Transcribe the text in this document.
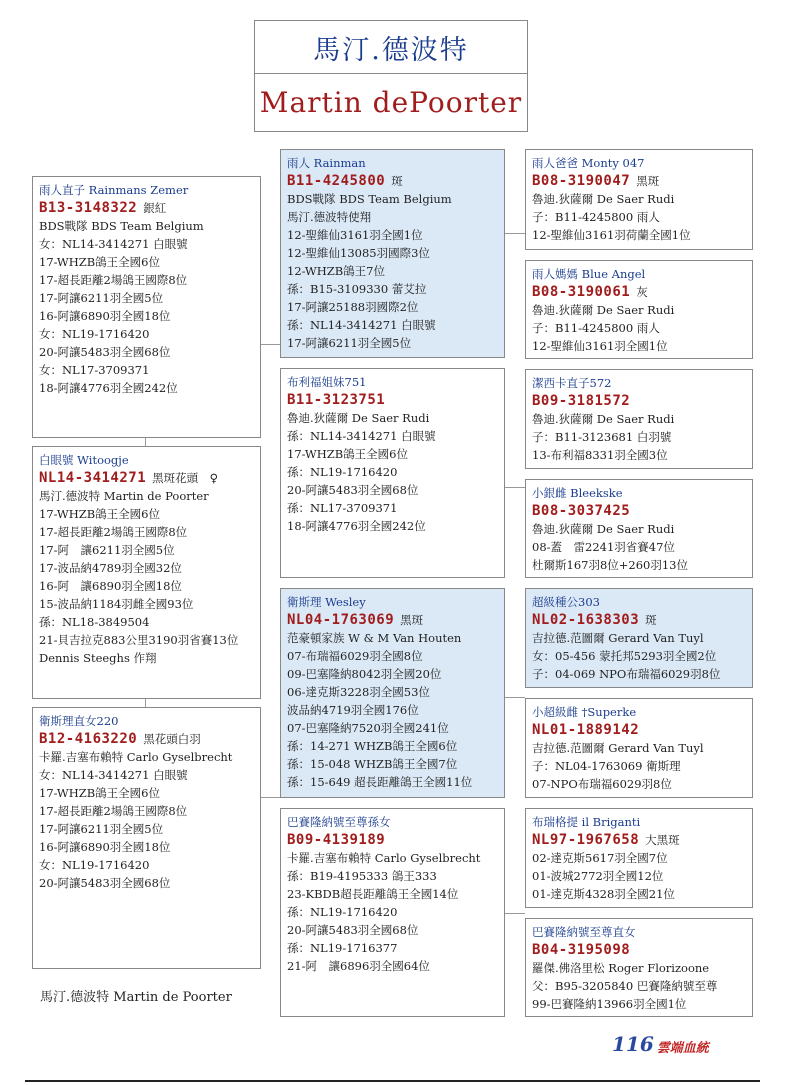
馬汀.德波特
Martin dePoorter
雨人直子 Rainmans Zemer
B13-3148322 銀紅
BDS戰隊 BDS Team Belgium
女：NL14-3414271 白眼號
17-WHZB鴿王全國6位
17-超長距離2場鴿王國際8位
17-阿讓6211羽全國5位
16-阿讓6890羽全國18位
女：NL19-1716420
20-阿讓5483羽全國68位
女：NL17-3709371
18-阿讓4776羽全國242位
白眼號 Witoogje
NL14-3414271 黑斑花頭　♀
馬汀.德波特 Martin de Poorter
17-WHZB鴿王全國6位
17-超長距離2場鴿王國際8位
17-阿　讓6211羽全國5位
17-波品納4789羽全國32位
16-阿　讓6890羽全國18位
15-波品納1184羽雌全國93位
孫：NL18-3849504
21-貝吉拉克883公里3190羽省賽13位
Dennis Steeghs 作翔
衛斯理直女220
B12-4163220 黑花頭白羽
卡羅.吉塞布賴特 Carlo Gyselbrecht
女：NL14-3414271 白眼號
17-WHZB鴿王全國6位
17-超長距離2場鴿王國際8位
17-阿讓6211羽全國5位
16-阿讓6890羽全國18位
女：NL19-1716420
20-阿讓5483羽全國68位
雨人 Rainman
B11-4245800 斑
BDS戰隊 BDS Team Belgium
馬汀.德波特使翔
12-聖維仙3161羽全國1位
12-聖維仙13085羽國際3位
12-WHZB鴿王7位
孫：B15-3109330 蕾艾拉
17-阿讓25188羽國際2位
孫：NL14-3414271 白眼號
17-阿讓6211羽全國5位
布利福姐妹751
B11-3123751
魯迪.狄薩爾 De Saer Rudi
孫：NL14-3414271 白眼號
17-WHZB鴿王全國6位
孫：NL19-1716420
20-阿讓5483羽全國68位
孫：NL17-3709371
18-阿讓4776羽全國242位
衛斯理 Wesley
NL04-1763069 黑斑
范豪頓家族 W & M Van Houten
07-布瑞福6029羽全國8位
09-巴塞隆納8042羽全國20位
06-達克斯3228羽全國53位
波品納4719羽全國176位
07-巴塞隆納7520羽全國241位
孫：14-271 WHZB鴿王全國6位
孫：15-048 WHZB鴿王全國7位
孫：15-649 超長距離鴿王全國11位
巴賽隆納號至尊孫女
B09-4139189
卡羅.吉塞布賴特 Carlo Gyselbrecht
孫：B19-4195333 鴿王333
23-KBDB超長距離鴿王全國14位
孫：NL19-1716420
20-阿讓5483羽全國68位
孫：NL19-1716377
21-阿　讓6896羽全國64位
雨人爸爸 Monty 047
B08-3190047 黑斑
魯迪.狄薩爾 De Saer Rudi
子：B11-4245800 雨人
12-聖維仙3161羽荷蘭全國1位
雨人媽媽 Blue Angel
B08-3190061 灰
魯迪.狄薩爾 De Saer Rudi
子：B11-4245800 雨人
12-聖維仙3161羽全國1位
潔西卡直子572
B09-3181572
魯迪.狄薩爾 De Saer Rudi
子：B11-3123681 白羽號
13-布利福8331羽全國3位
小銀雌 Bleekske
B08-3037425
魯迪.狄薩爾 De Saer Rudi
08-蓋　雷2241羽省賽47位
杜爾斯167羽8位+260羽13位
超級種公303
NL02-1638303 斑
吉拉德.范圖爾 Gerard Van Tuyl
女：05-456 蒙托邦5293羽全國2位
子：04-069 NPO布瑞福6029羽8位
小超級雌 †Superke
NL01-1889142
吉拉德.范圖爾 Gerard Van Tuyl
子：NL04-1763069 衛斯理
07-NPO布瑞福6029羽8位
布瑞格提 il Briganti
NL97-1967658 大黑斑
02-達克斯5617羽全國7位
01-波城2772羽全國12位
01-達克斯4328羽全國21位
巴賽隆納號至尊直女
B04-3195098
羅傑.佛洛里松 Roger Florizoone
父：B95-3205840 巴賽隆納號至尊
99-巴賽隆納13966羽全國1位
馬汀.德波特 Martin de Poorter
116 雲端血統
